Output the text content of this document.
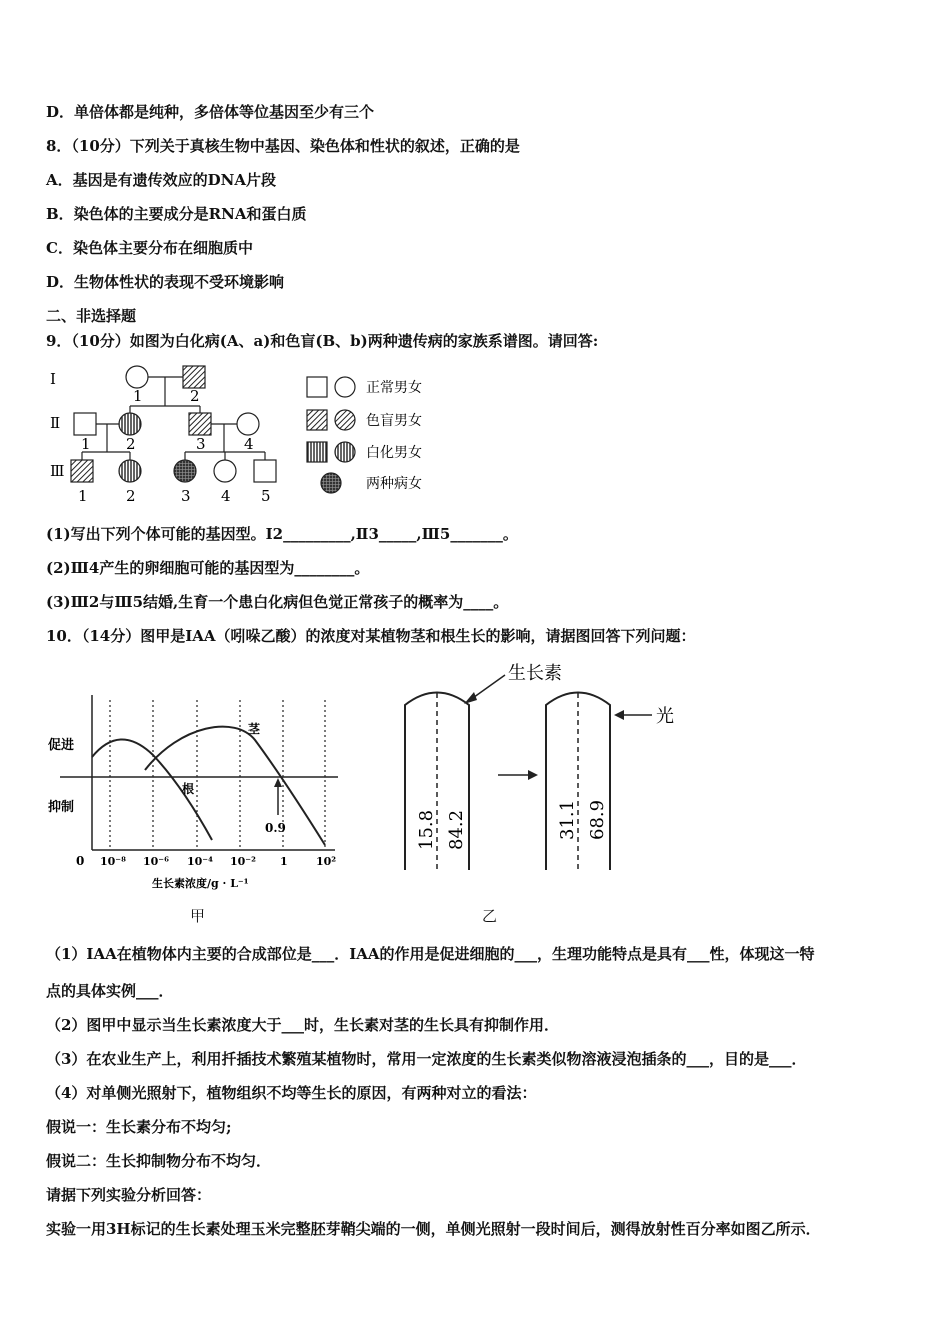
D．单倍体都是纯种，多倍体等位基因至少有三个
8．（10分）下列关于真核生物中基因、染色体和性状的叙述，正确的是
A．基因是有遗传效应的DNA片段
B．染色体的主要成分是RNA和蛋白质
C．染色体主要分布在细胞质中
D．生物体性状的表现不受环境影响
二、非选择题
9．（10分）如图为白化病(A、a)和色盲(B、b)两种遗传病的家族系谱图。请回答:
Ⅰ
Ⅱ
Ⅲ
1	2
1 2	3	4
1	2	3 4 5
正常男女
色盲男女
白化男女
两种病女
(1)写出下列个体可能的基因型。Ⅰ2_________,Ⅱ3_____,Ⅲ5_______。
(2)Ⅲ4产生的卵细胞可能的基因型为________。
(3)Ⅲ2与Ⅲ5结婚,生育一个患白化病但色觉正常孩子的概率为____。
10．（14分）图甲是IAA（吲哚乙酸）的浓度对某植物茎和根生长的影响，请据图回答下列问题：
0.9
茎
根
促进
抑制
0 10⁻⁸ 10⁻⁶ 10⁻⁴ 10⁻² 1	10²
生长素浓度/g · L⁻¹
甲
生长素
15.8 84.2
光
31.1 68.9
乙
（1）IAA在植物体内主要的合成部位是___．IAA的作用是促进细胞的___，生理功能特点是具有___性，体现这一特
点的具体实例___．
（2）图甲中显示当生长素浓度大于___时，生长素对茎的生长具有抑制作用．
（3）在农业生产上，利用扦插技术繁殖某植物时，常用一定浓度的生长素类似物溶液浸泡插条的___，目的是___．
（4）对单侧光照射下，植物组织不均等生长的原因，有两种对立的看法：
假说一：生长素分布不均匀;
假说二：生长抑制物分布不均匀．
请据下列实验分析回答：
实验一用3H标记的生长素处理玉米完整胚芽鞘尖端的一侧，单侧光照射一段时间后，测得放射性百分率如图乙所示．
